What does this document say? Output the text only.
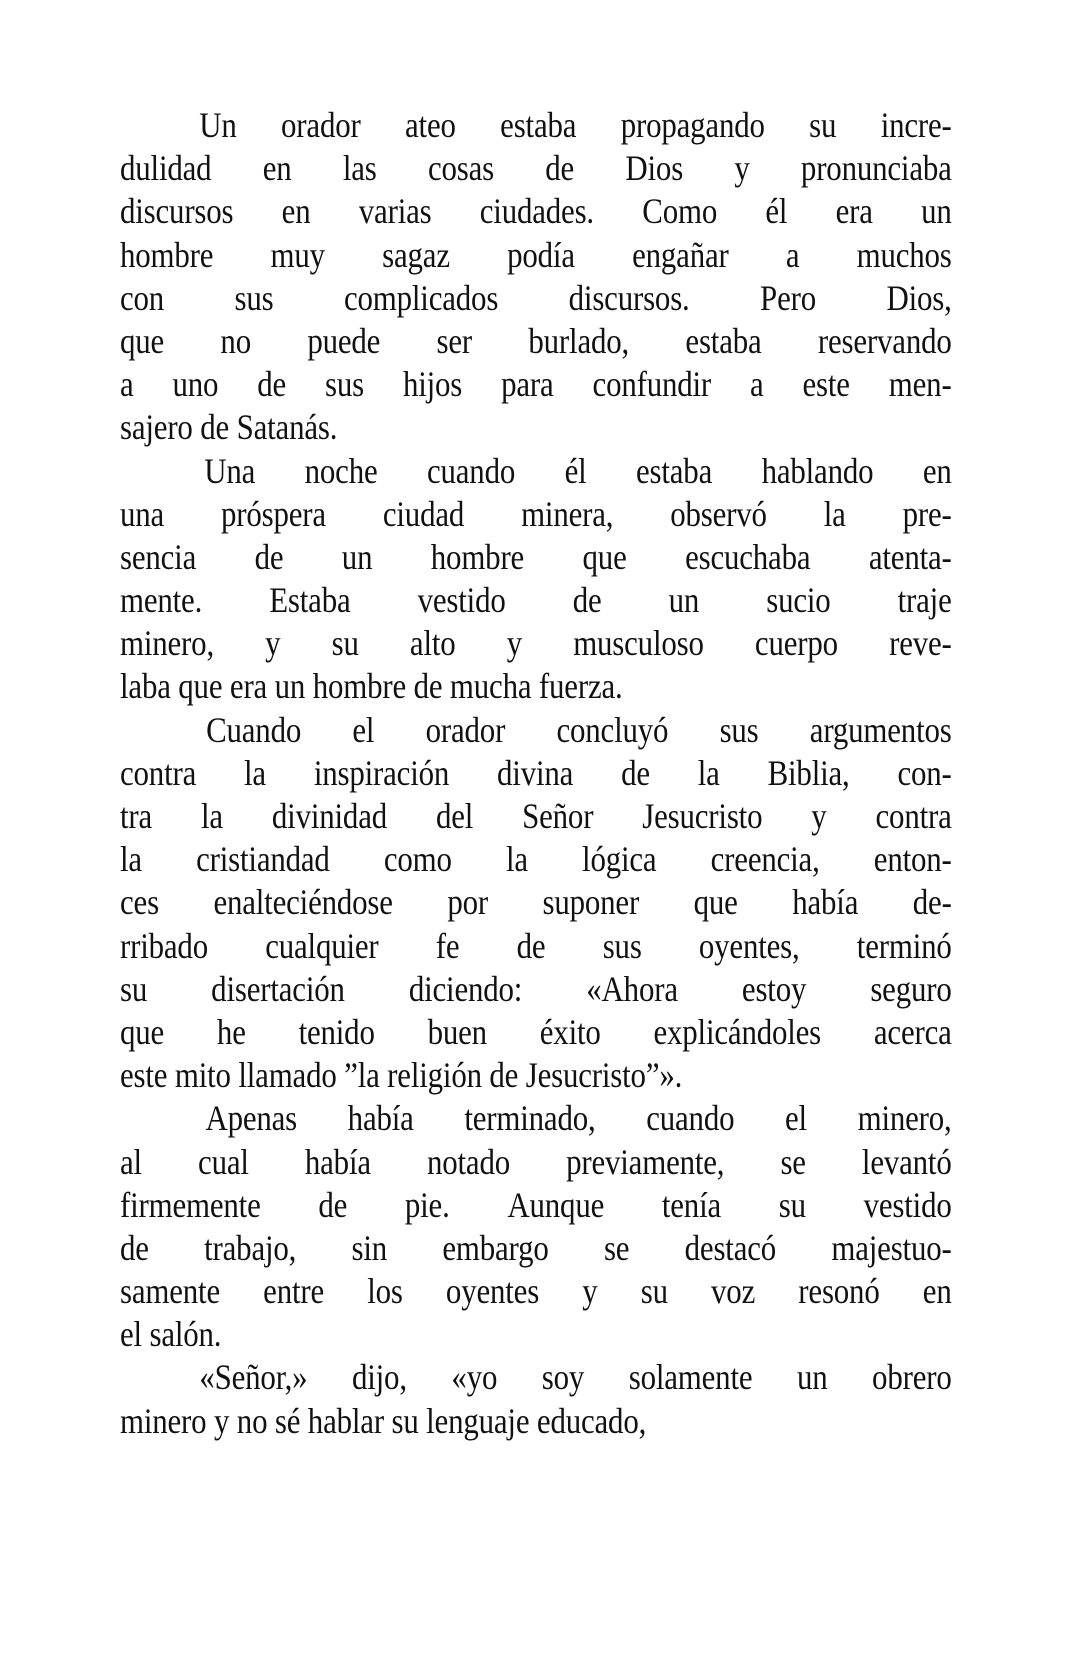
Un orador ateo estaba propagando su incre-
dulidad en las cosas de Dios y pronunciaba
discursos en varias ciudades. Como él era un
hombre muy sagaz podía engañar a muchos
con sus complicados discursos. Pero Dios,
que no puede ser burlado, estaba reservando
a uno de sus hijos para confundir a este men-
sajero de Satanás.

Una noche cuando él estaba hablando en
una próspera ciudad minera, observó la pre-
sencia de un hombre que escuchaba atenta-
mente. Estaba vestido de un sucio traje
minero, y su alto y musculoso cuerpo reve-
laba que era un hombre de mucha fuerza.

Cuando el orador concluyó sus argumentos
contra la inspiración divina de la Biblia, con-
tra la divinidad del Señor Jesucristo y contra
la cristiandad como la lógica creencia, enton-
ces enalteciéndose por suponer que había de-
rribado cualquier fe de sus oyentes, terminó
su disertación diciendo: «Ahora estoy seguro
que he tenido buen éxito explicándoles acerca
este mito llamado ”la religión de Jesucristo”».

Apenas había terminado, cuando el minero,
al cual había notado previamente, se levantó
firmemente de pie. Aunque tenía su vestido
de trabajo, sin embargo se destacó majestuo-
samente entre los oyentes y su voz resonó en
el salón.

«Señor,» dijo, «yo soy solamente un obrero
minero y no sé hablar su lenguaje educado,
